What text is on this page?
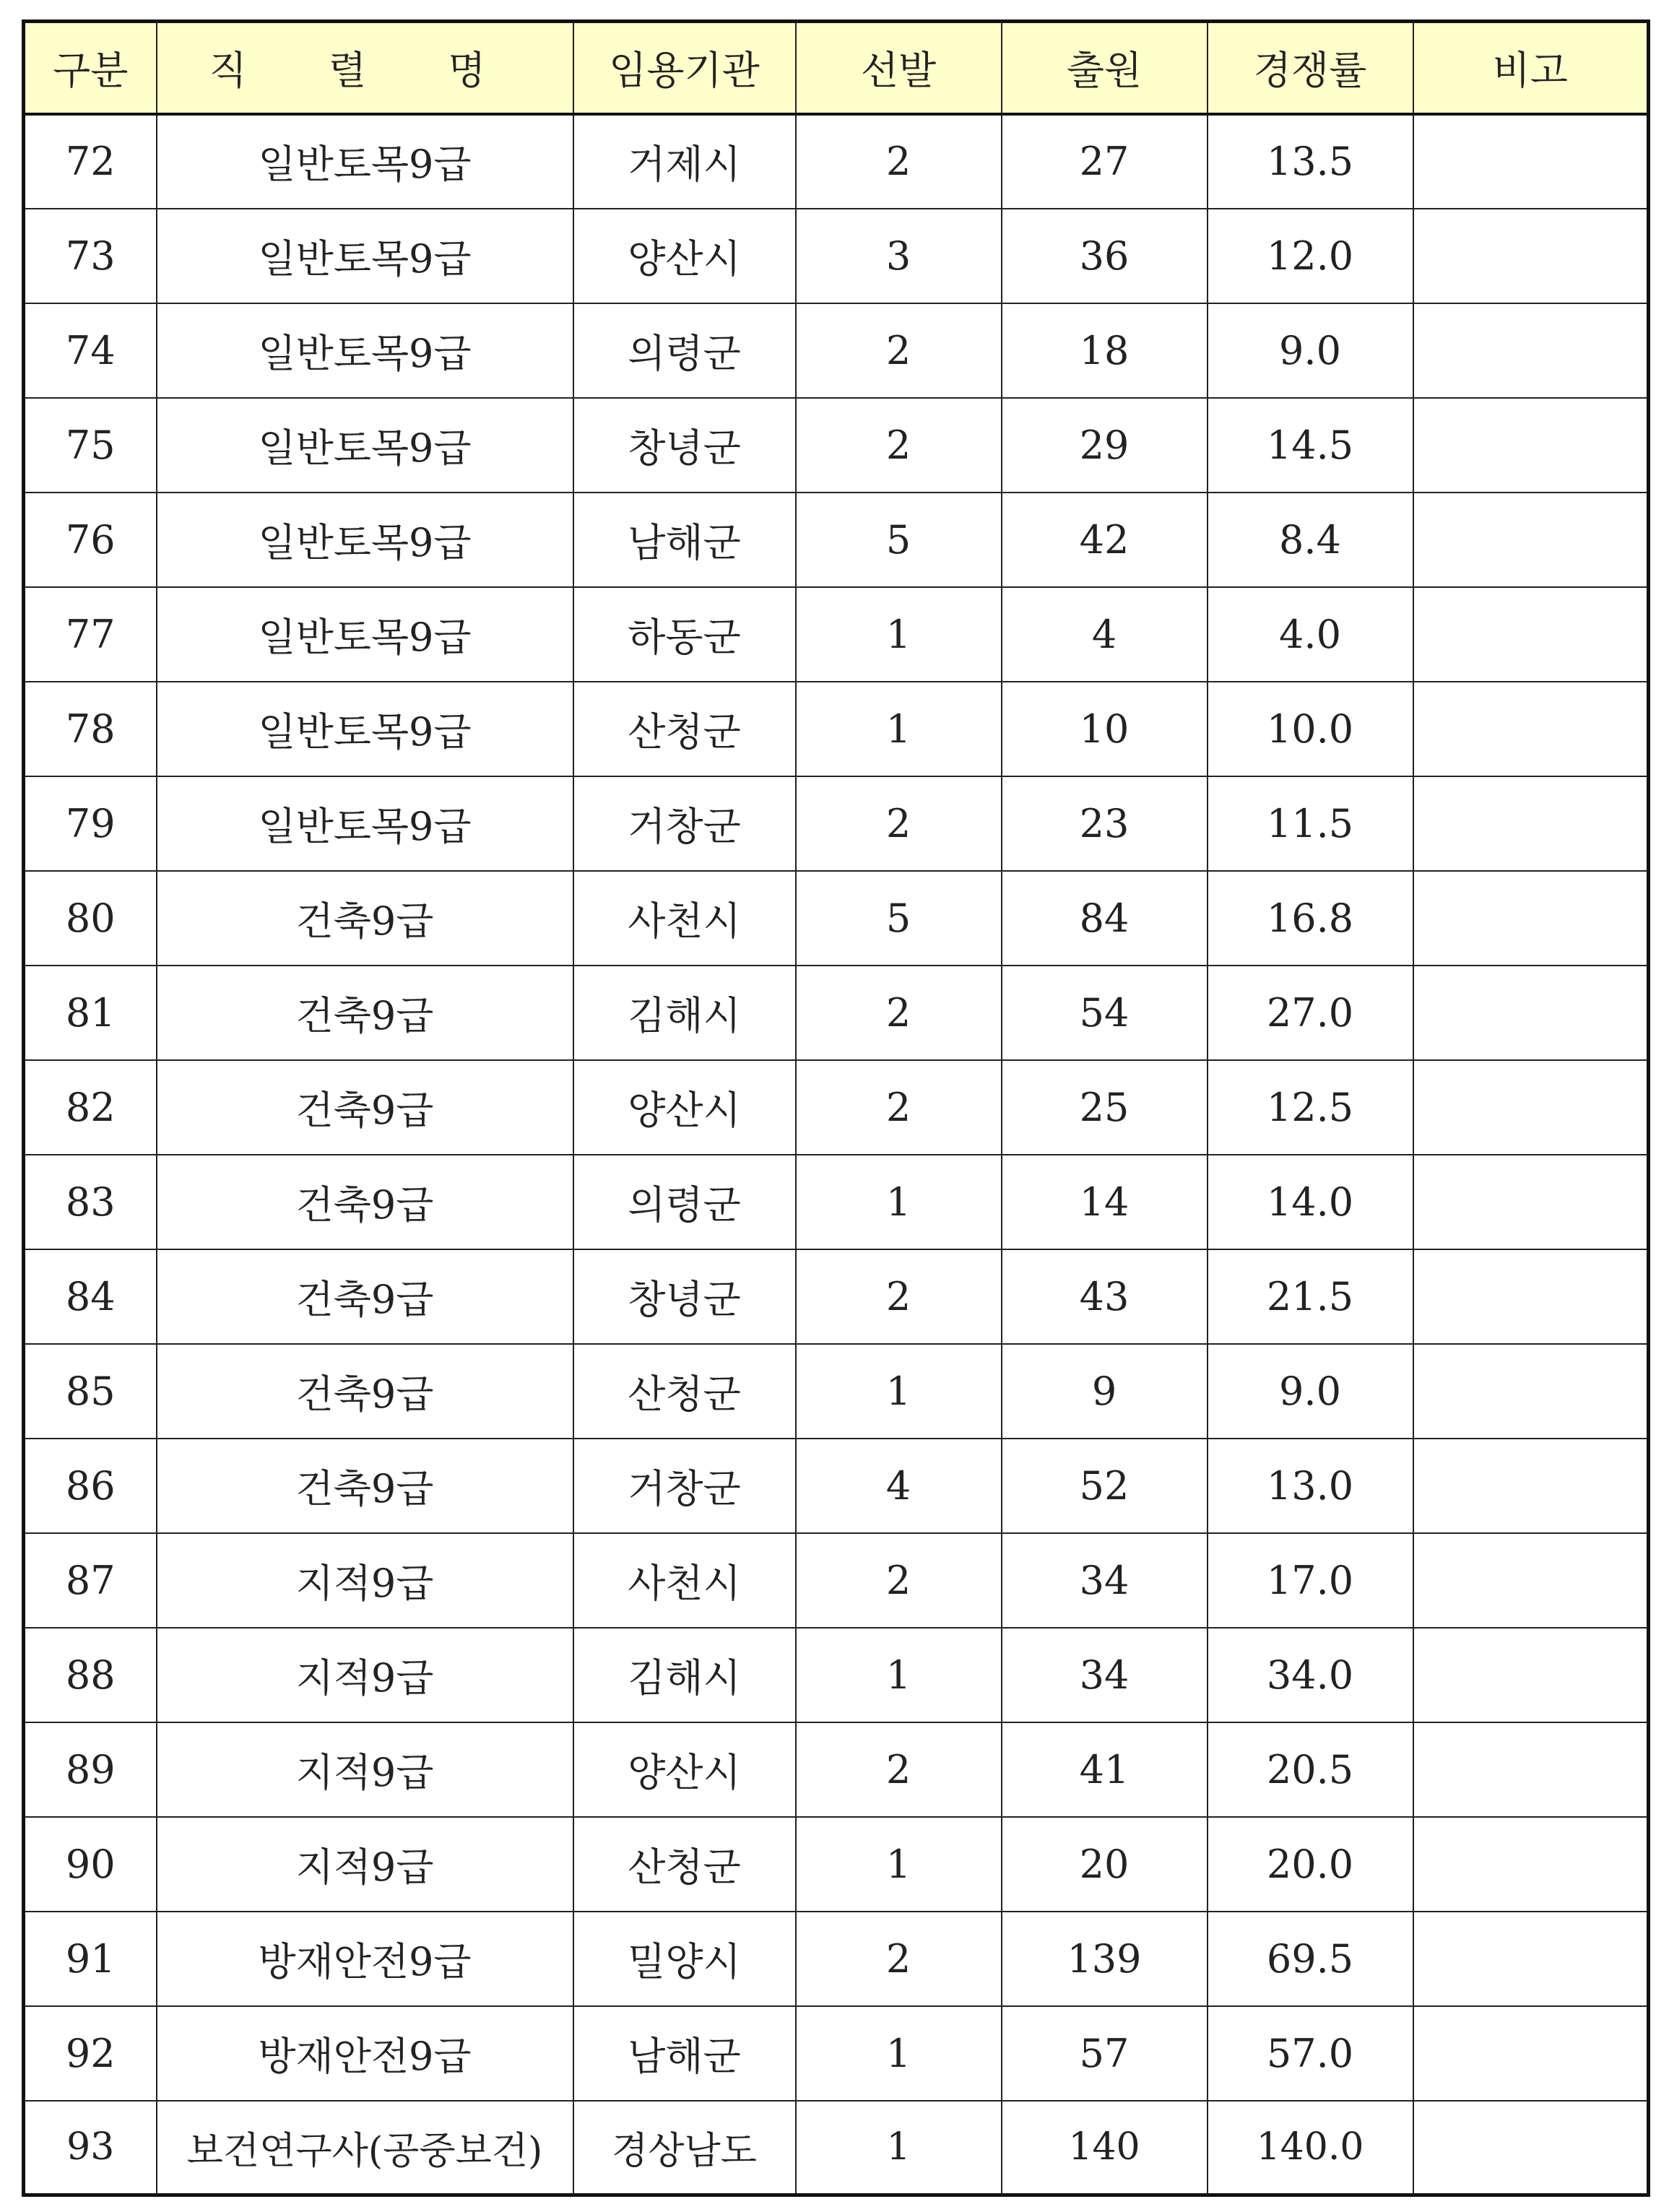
구분	직 렬 명	임용기관	선발	출원	경쟁률	비고
72	일반토목9급	거제시	2	27	13.5	
73	일반토목9급	양산시	3	36	12.0	
74	일반토목9급	의령군	2	18	9.0	
75	일반토목9급	창녕군	2	29	14.5	
76	일반토목9급	남해군	5	42	8.4	
77	일반토목9급	하동군	1	4	4.0	
78	일반토목9급	산청군	1	10	10.0	
79	일반토목9급	거창군	2	23	11.5	
80	건축9급	사천시	5	84	16.8	
81	건축9급	김해시	2	54	27.0	
82	건축9급	양산시	2	25	12.5	
83	건축9급	의령군	1	14	14.0	
84	건축9급	창녕군	2	43	21.5	
85	건축9급	산청군	1	9	9.0	
86	건축9급	거창군	4	52	13.0	
87	지적9급	사천시	2	34	17.0	
88	지적9급	김해시	1	34	34.0	
89	지적9급	양산시	2	41	20.5	
90	지적9급	산청군	1	20	20.0	
91	방재안전9급	밀양시	2	139	69.5	
92	방재안전9급	남해군	1	57	57.0	
93	보건연구사(공중보건)	경상남도	1	140	140.0	
